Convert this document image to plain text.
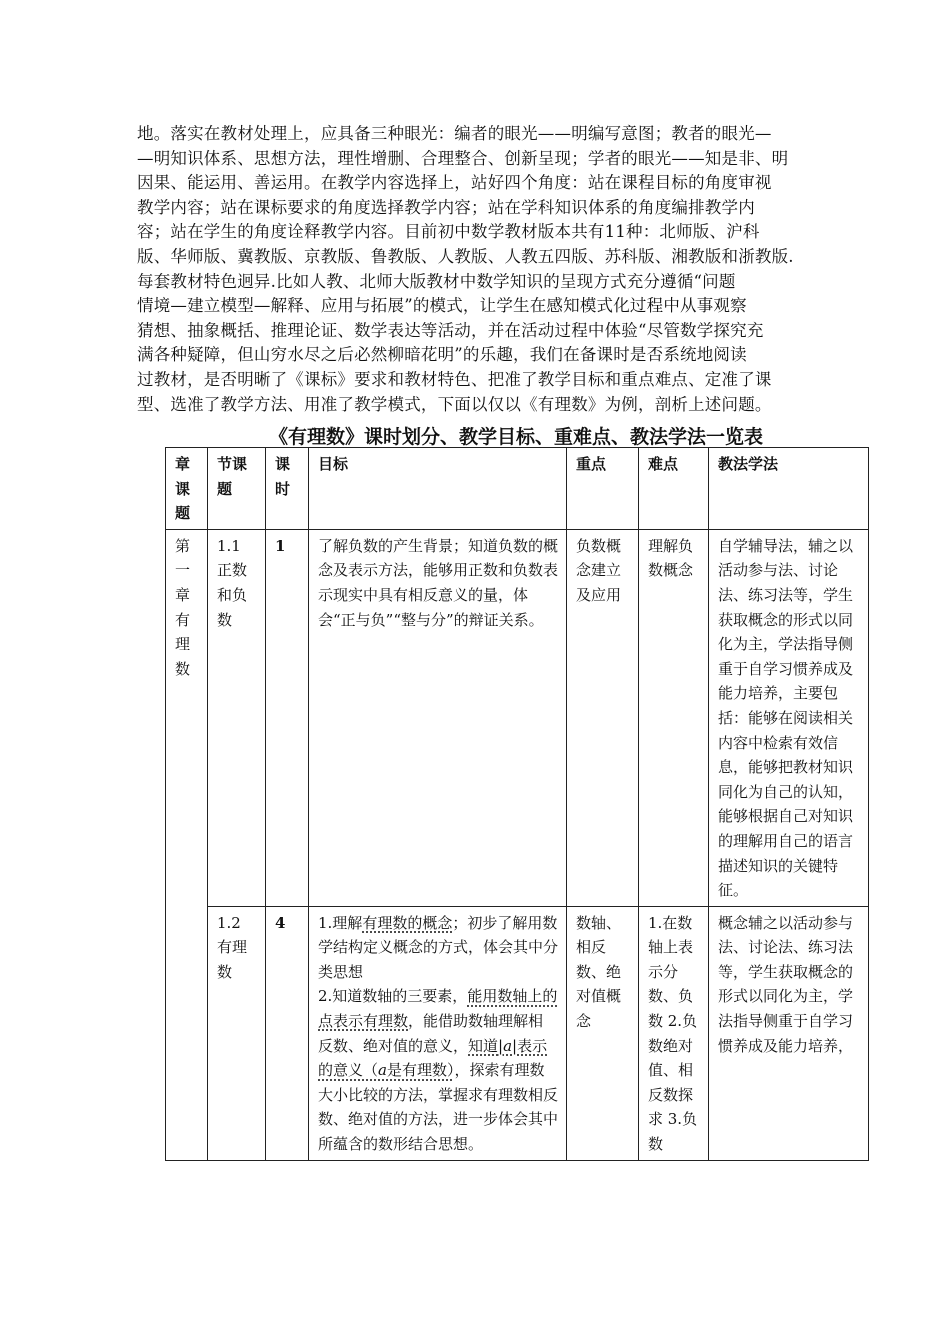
地。落实在教材处理上，应具备三种眼光：编者的眼光——明编写意图；教者的眼光—
—明知识体系、思想方法，理性增删、合理整合、创新呈现；学者的眼光——知是非、明
因果、能运用、善运用。在教学内容选择上，站好四个角度：站在课程目标的角度审视
教学内容；站在课标要求的角度选择教学内容；站在学科知识体系的角度编排教学内
容；站在学生的角度诠释教学内容。目前初中数学教材版本共有11种：北师版、沪科
版、华师版、冀教版、京教版、鲁教版、人教版、人教五四版、苏科版、湘教版和浙教版.
每套教材特色迥异.比如人教、北师大版教材中数学知识的呈现方式充分遵循“问题
情境—建立模型—解释、应用与拓展”的模式，让学生在感知模式化过程中从事观察
猜想、抽象概括、推理论证、数学表达等活动，并在活动过程中体验“尽管数学探究充
满各种疑障，但山穷水尽之后必然柳暗花明”的乐趣，我们在备课时是否系统地阅读
过教材，是否明晰了《课标》要求和教材特色、把准了教学目标和重点难点、定准了课
型、选准了教学方法、用准了教学模式，下面以仅以《有理数》为例，剖析上述问题。
《有理数》课时划分、教学目标、重难点、教法学法一览表
章课题	节课题	课时	目标	重点	难点	教法学法
第一章有理数	1.1 正数和负数	1	了解负数的产生背景；知道负数的概念及表示方法，能够用正数和负数表示现实中具有相反意义的量，体会“正与负”“整与分”的辩证关系。	负数概念建立及应用	理解负数概念	自学辅导法，辅之以活动参与法、讨论法、练习法等，学生获取概念的形式以同化为主，学法指导侧重于自学习惯养成及能力培养，主要包括：能够在阅读相关内容中检索有效信息，能够把教材知识同化为自己的认知，能够根据自己对知识的理解用自己的语言描述知识的关键特征。
	1.2 有理数	4	1.理解有理数的概念；初步了解用数学结构定义概念的方式，体会其中分类思想
2.知道数轴的三要素，能用数轴上的点表示有理数，能借助数轴理解相反数、绝对值的意义，知道|a|表示的意义（a是有理数），探索有理数大小比较的方法，掌握求有理数相反数、绝对值的方法，进一步体会其中所蕴含的数形结合思想。	数轴、相反数、绝对值概念	1.在数轴上表示分数、负数 2.负数绝对值、相反数探求 3.负数	概念辅之以活动参与法、讨论法、练习法等，学生获取概念的形式以同化为主，学法指导侧重于自学习惯养成及能力培养，
